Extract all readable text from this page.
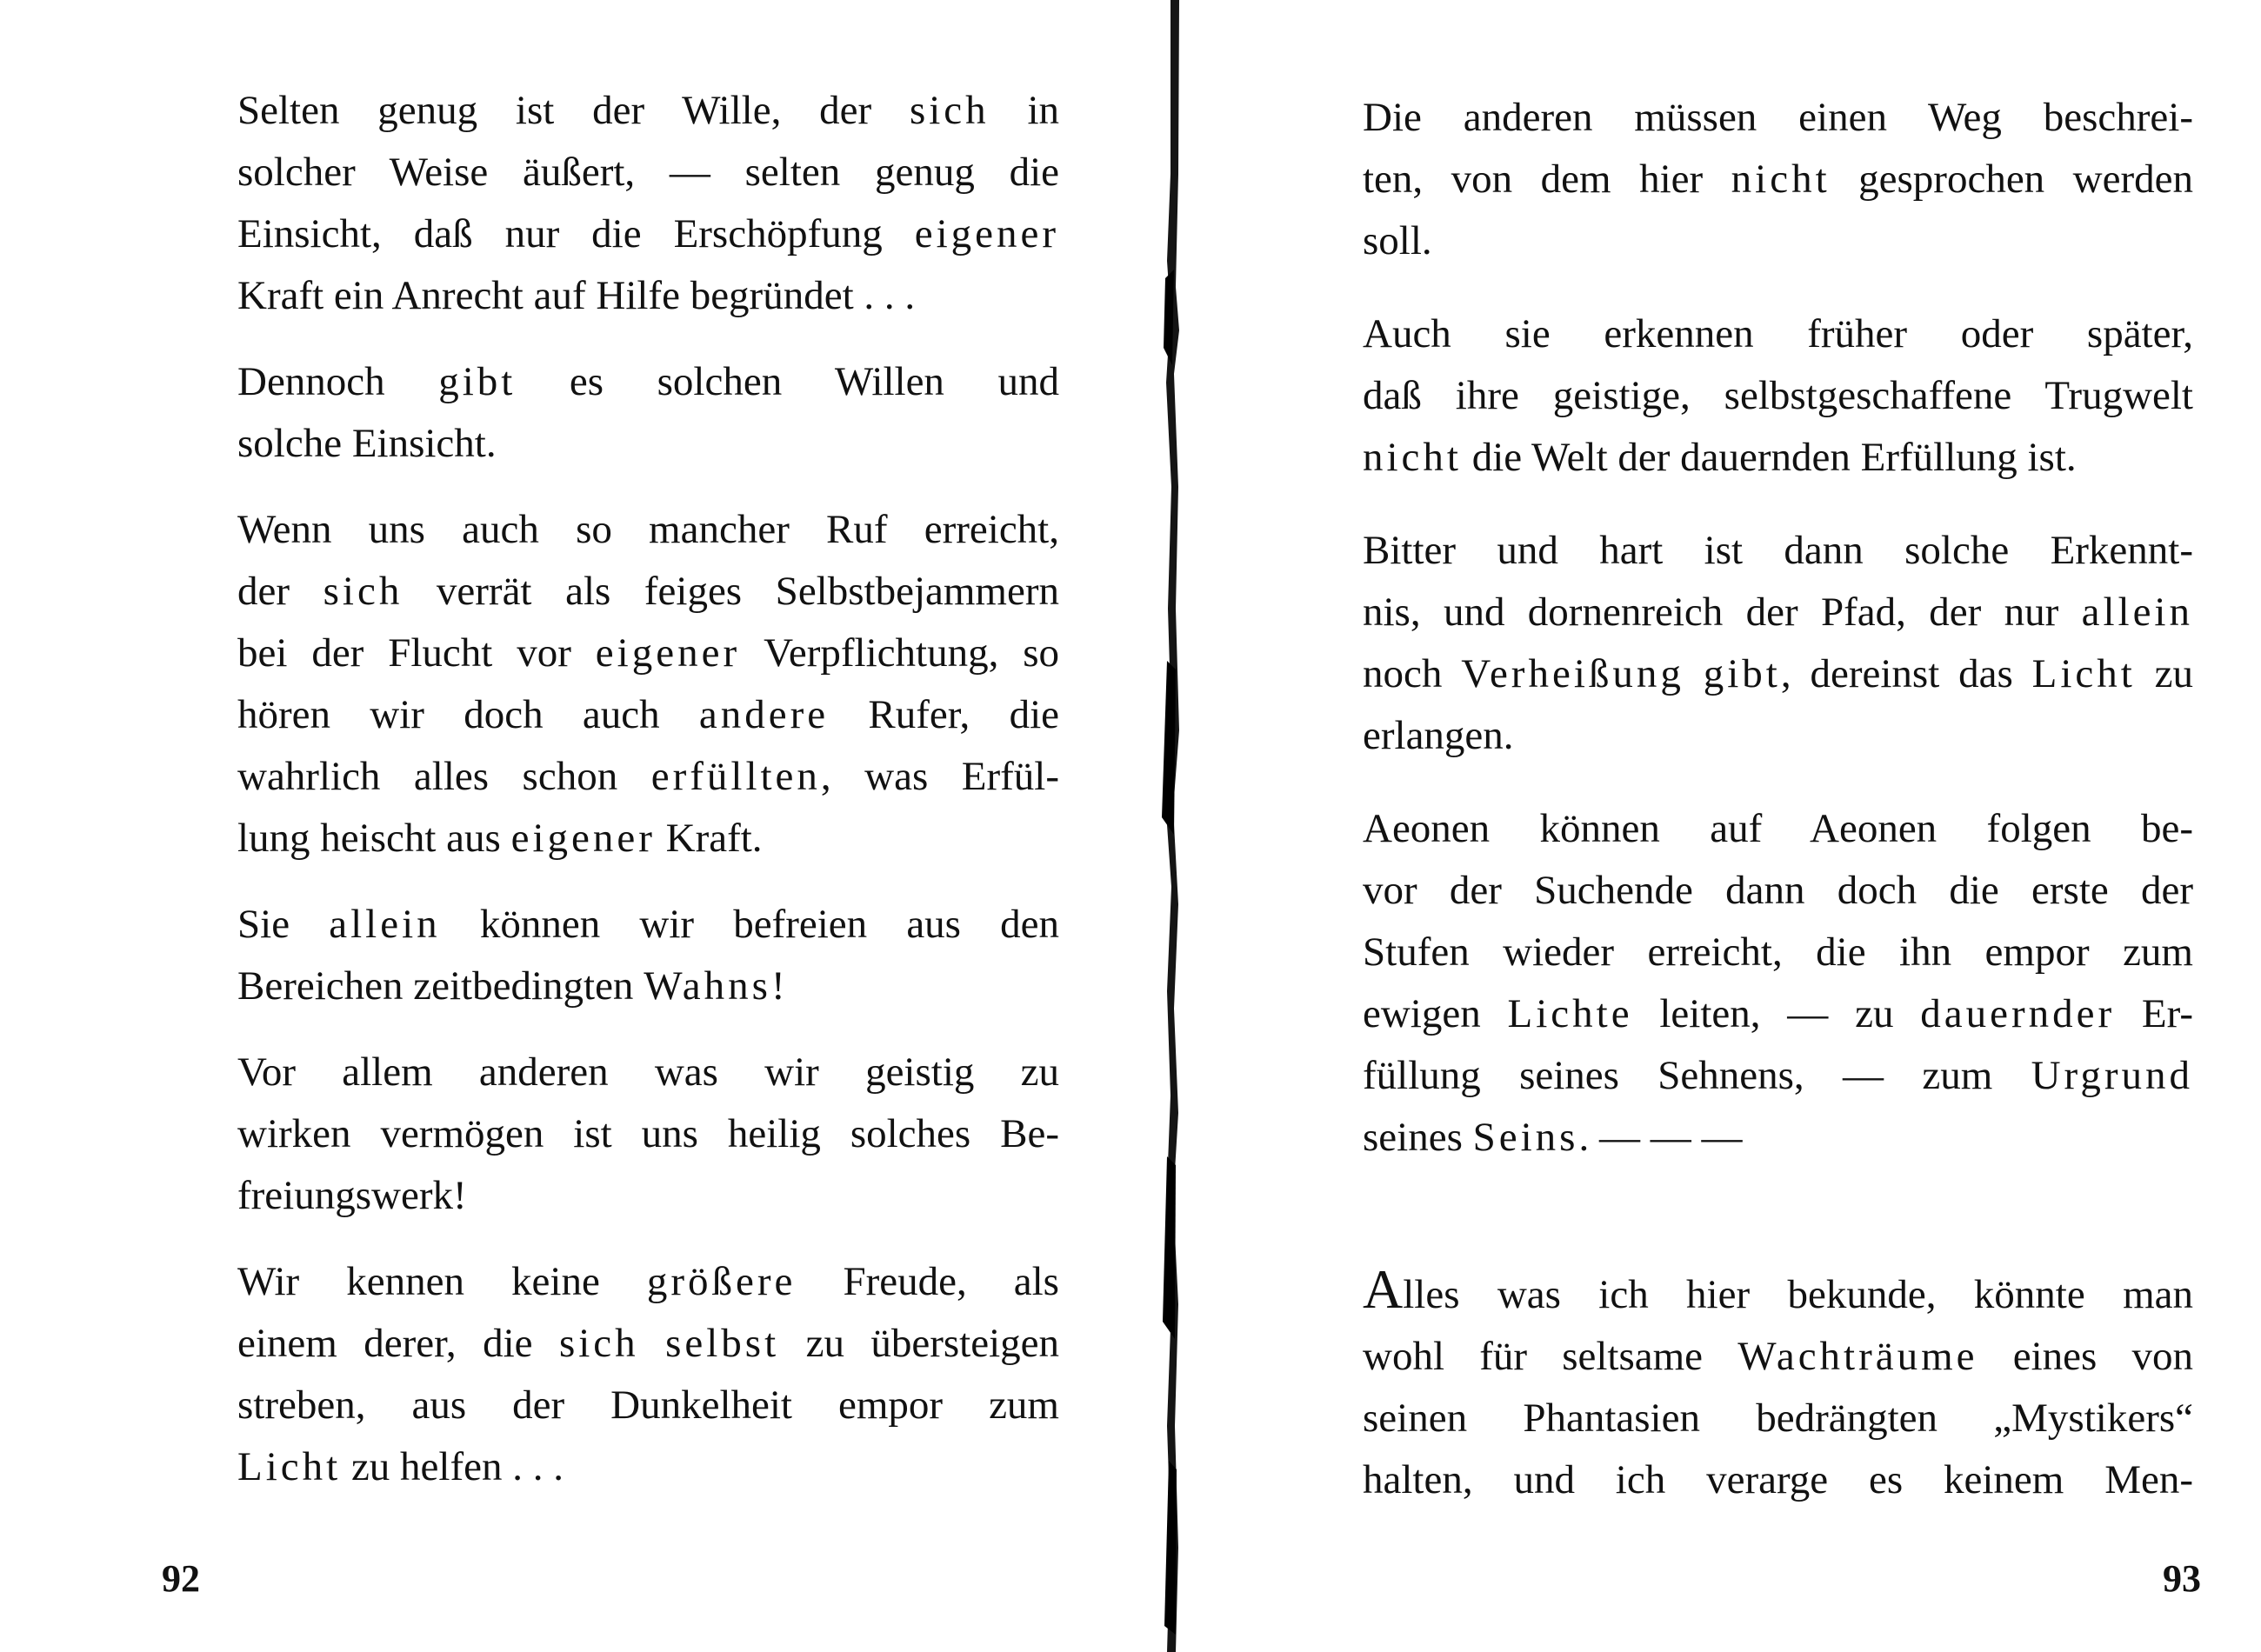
Selten genug ist der Wille, der sich in
solcher Weise äußert, — selten genug die
Einsicht, daß nur die Erschöpfung eigener
Kraft ein Anrecht auf Hilfe begründet . . .

Dennoch gibt es solchen Willen und
solche Einsicht.

Wenn uns auch so mancher Ruf erreicht,
der sich verrät als feiges Selbstbejammern
bei der Flucht vor eigener Verpflichtung, so
hören wir doch auch andere Rufer, die
wahrlich alles schon erfüllten, was Erfül-
lung heischt aus eigener Kraft.

Sie allein können wir befreien aus den
Bereichen zeitbedingten Wahns!

Vor allem anderen was wir geistig zu
wirken vermögen ist uns heilig solches Be-
freiungswerk!

Wir kennen keine größere Freude, als
einem derer, die sich selbst zu übersteigen
streben, aus der Dunkelheit empor zum
Licht zu helfen . . .

92

Die anderen müssen einen Weg beschrei-
ten, von dem hier nicht gesprochen werden
soll.

Auch sie erkennen früher oder später,
daß ihre geistige, selbstgeschaffene Trugwelt
nicht die Welt der dauernden Erfüllung ist.

Bitter und hart ist dann solche Erkennt-
nis, und dornenreich der Pfad, der nur allein
noch Verheißung gibt, dereinst das Licht zu
erlangen.

Aeonen können auf Aeonen folgen be-
vor der Suchende dann doch die erste der
Stufen wieder erreicht, die ihn empor zum
ewigen Lichte leiten, — zu dauernder Er-
füllung seines Sehnens, — zum Urgrund
seines Seins. — — —

Alles was ich hier bekunde, könnte man
wohl für seltsame Wachträume eines von
seinen Phantasien bedrängten „Mystikers“
halten, und ich verarge es keinem Men-

93
